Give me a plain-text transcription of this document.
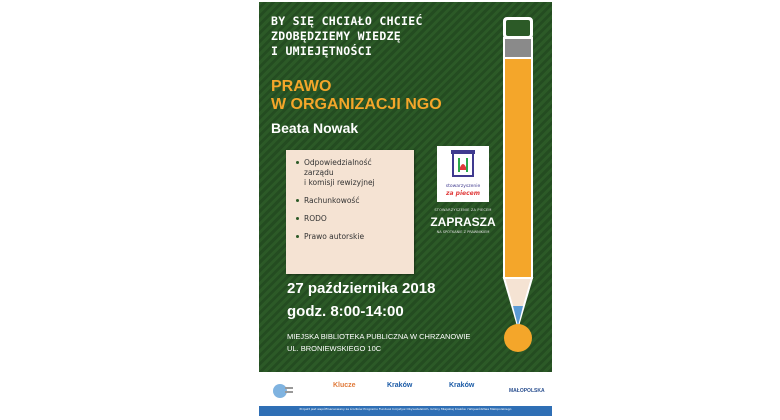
BY SIĘ CHCIAŁO CHCIEĆ
ZDOBĘDZIEMY WIEDZĘ
I UMIEJĘTNOŚCI
PRAWO
W ORGANIZACJI NGO
Beata Nowak
Odpowiedzialność
zarządu
i komisji rewizyjnej
Rachunkowość
RODO
Prawo autorskie
stowarzyszenie
za piecem
STOWARZYSZENIE ZA PIECEM
ZAPRASZA
NA SPOTKANIE Z PRAWNIKIEM
27 października 2018
godz. 8:00-14:00
MIEJSKA BIBLIOTEKA PUBLICZNA W CHRZANOWIE
UL. BRONIEWSKIEGO 10C
Klucze	Kraków	Kraków
MAŁOPOLSKA
Projekt jest współfinansowany ze środków Programu Fundusz Inicjatyw Obywatelskich, Gminy Miejskiej Kraków i Województwa Małopolskiego
